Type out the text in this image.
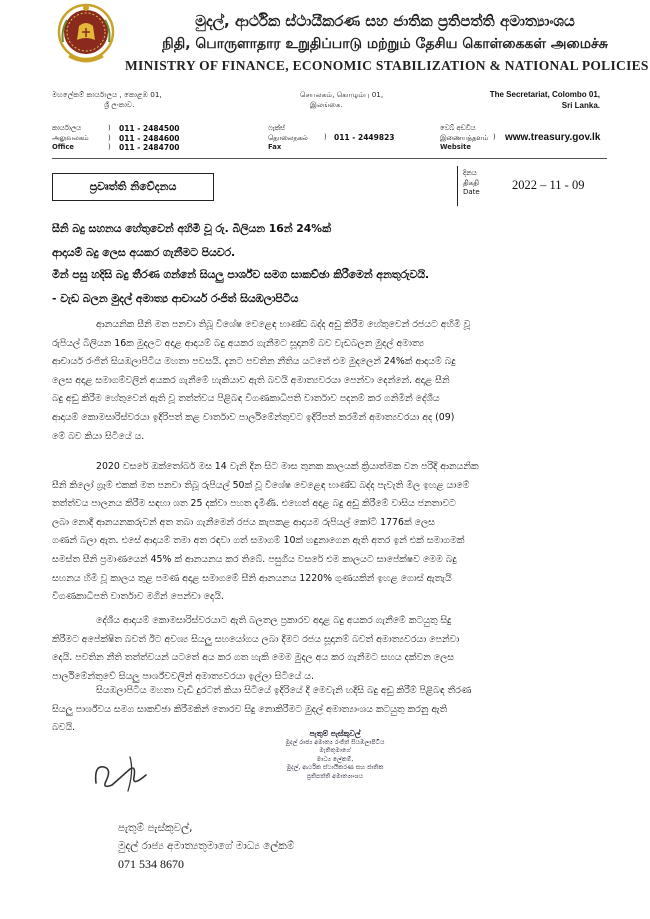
මුදල්, ආර්ථික ස්ථායීකරණ සහ ජාතික ප්‍රතිපත්ති අමාත්‍යාංශය
நிதி, பொருளாதார உறுதிப்பாடு மற்றும் தேசிய கொள்கைகள் அமைச்சு
MINISTRY OF FINANCE, ECONOMIC STABILIZATION & NATIONAL POLICIES
මහලේකම් කාර්යාලය , කොළඹ 01,
ශ්‍රී ලංකාව.
செயலகம், கொழும்பு 01,
இலங்கை.
The Secretariat, Colombo 01,
Sri Lanka.
කාර්යාලය
அலுவலகம்
Office
)
)
)
011 - 2484500
011 - 2484600
011 - 2484700
ෆැක්ස්
தொலைநகல்
Fax
) 011 - 2449823
වෙබ් අඩවිය
இணையத்தளம்
Website
) www.treasury.gov.lk
ප්‍රවෘත්ති නිවේදනය
දිනය
திகதி
Date	2022 – 11 - 09
සීනි බදු සහනය හේතුවෙන් අහිමි වූ රු. බිලියන 16න් 24%ක්
ආදායම් බදු ලෙස අයකර ගැනීමට පියවර.
මින් පසු හදිසි බදු තීරණ ගන්නේ සියලු පාර්ශ්ව සමග සාකච්ඡා කිරීමෙන් අනතුරුවයි.
- වැඩ බලන මුදල් අමාත්‍ය ආචාර්ය රංජිත් සියඹලාපිටිය
ආනයනික සීනි මත පනවා තිබූ විශේෂ වෙළෙඳ භාණ්ඩ බද්ද අඩු කිරීම හේතුවෙන් රජයට අහිමි වූ
රුපියල් බිලියන 16ක මුදලට අදාළ ආදායම් බදු අයකර ගැනීමට සූදානම් බව වැඩබලන මුදල් අමාත්‍ය
ආචාර්ය රංජිත් සියඹලාපිටිය මහතා පවසයි. දැනට පවතින නීතිය යටතේ එම මුදලෙන් 24%ක් ආදායම් බදු
ලෙස අදාළ සමාගම්වලින් අයකර ගැනීමේ හැකියාව ඇති බවයි අමාත්‍යවරයා පෙන්වා දෙන්නේ. අදාළ සීනි
බදු අඩු කිරීම හේතුවෙන් ඇති වූ තත්ත්වය පිළිබඳ විගණකාධිපති වාර්තාව පදනම් කර ගනිමින් දේශීය
ආදායම් කොමසාරිස්වරයා ඉදිරිපත් කළ වාර්තාව පාර්ලිමේන්තුවට ඉදිරිපත් කරමින් අමාත්‍යවරයා අද (09)
මේ බව කියා සිටියේ ය.
2020 වසරේ ඔක්තෝබර් මස 14 වැනි දින සිට මාස තුනක කාලයක් ක්‍රියාත්මක වන පරිදි ආනයනික
සීනි කිලෝ ග්‍රෑම් එකක් මත පනවා තිබූ රුපියල් 50ක් වූ විශේෂ වෙළෙඳ භාණ්ඩ බද්ද පැවැති මිල ඉහළ යාමේ
තත්ත්වය පාලනය කිරීම සඳහා ශත 25 දක්වා පහත දැමිණි. එහෙත් අදාළ බදු අඩු කිරීමේ වාසිය ජනතාවට
ලබා නොදී ආනයනකරුවන් අත තබා ගැනීමෙන් රජය කැපකළ ආදායම රුපියල් කෝටි 1776ක් ලෙස
ගණන් බලා ඇත. එසේ ආදායම් තමා අත රඳවා ගත් සමාගම් 10ක් හඳුනාගෙන ඇති අතර ඉන් එක් සමාගමක්
සමස්ත සීනි ප්‍රමාණයෙන් 45% ක් ආනයනය කර තිබේ. පසුගිය වසරේ එම කාලයට සාපේක්ෂව මෙම බදු
සහනය හිමි වූ කාලය තුළ පමණ අදාළ සමාගමේ සීනි ආනයනය 1220% ගුණයකින් ඉහළ ගොස් ඇතැයි
විගණකාධිපති වාර්තාව මගින් පෙන්වා දෙයි.
දේශීය ආදායම් කොමසාරිස්වරයාට ඇති බලතල ප්‍රකාරව අදාළ බදු අයකර ගැනීමේ කටයුතු සිදු
කිරීමට අපේක්ෂිත බවත් ඊට අවශ්‍ය සියලු සහයෝගය ලබා දීමට රජය සූදානම් බවත් අමාත්‍යවරයා පෙන්වා
දෙයි. පවතින නීති තත්ත්වයන් යටතේ අය කර ගත හැකි මෙම මුදල අය කර ගැනීමට සහය දක්වන ලෙස
පාර්ලිමේන්තුවේ සියලු පාර්ශ්වවලින් අමාත්‍යවරයා ඉල්ලා සිටියේ ය.
සියඹලාපිටිය මහතා වැඩි දුරටත් කියා සිටියේ ඉදිරියේ දී මෙවැනි හදිසි බදු අඩු කිරීම් පිළිබඳ තීරණ
සියලු පාර්ශ්වය සමග සාකච්ඡා කිරීමකින් තොරව සිදු නොකිරීමට මුදල් අමාත්‍යාංශය කටයුතු කරනු ඇති
බවයි.
පැතුම් පැස්කුවල්
මුදල් රාජ්‍ය අමාත්‍ය රංජිත් සියඹලාපිටිය
මැතිතුමාගේ
මාධ්‍ය ලේකම්,
මුදල්, ආර්ථික ස්ථායීකරණ සහ ජාතික
ප්‍රතිපත්ති අමාත්‍යාංශය
පැතුම් පැස්කුවල්,
මුදල් රාජ්‍ය අමාත්‍යතුමාගේ මාධ්‍ය ලේකම්
071 534 8670
